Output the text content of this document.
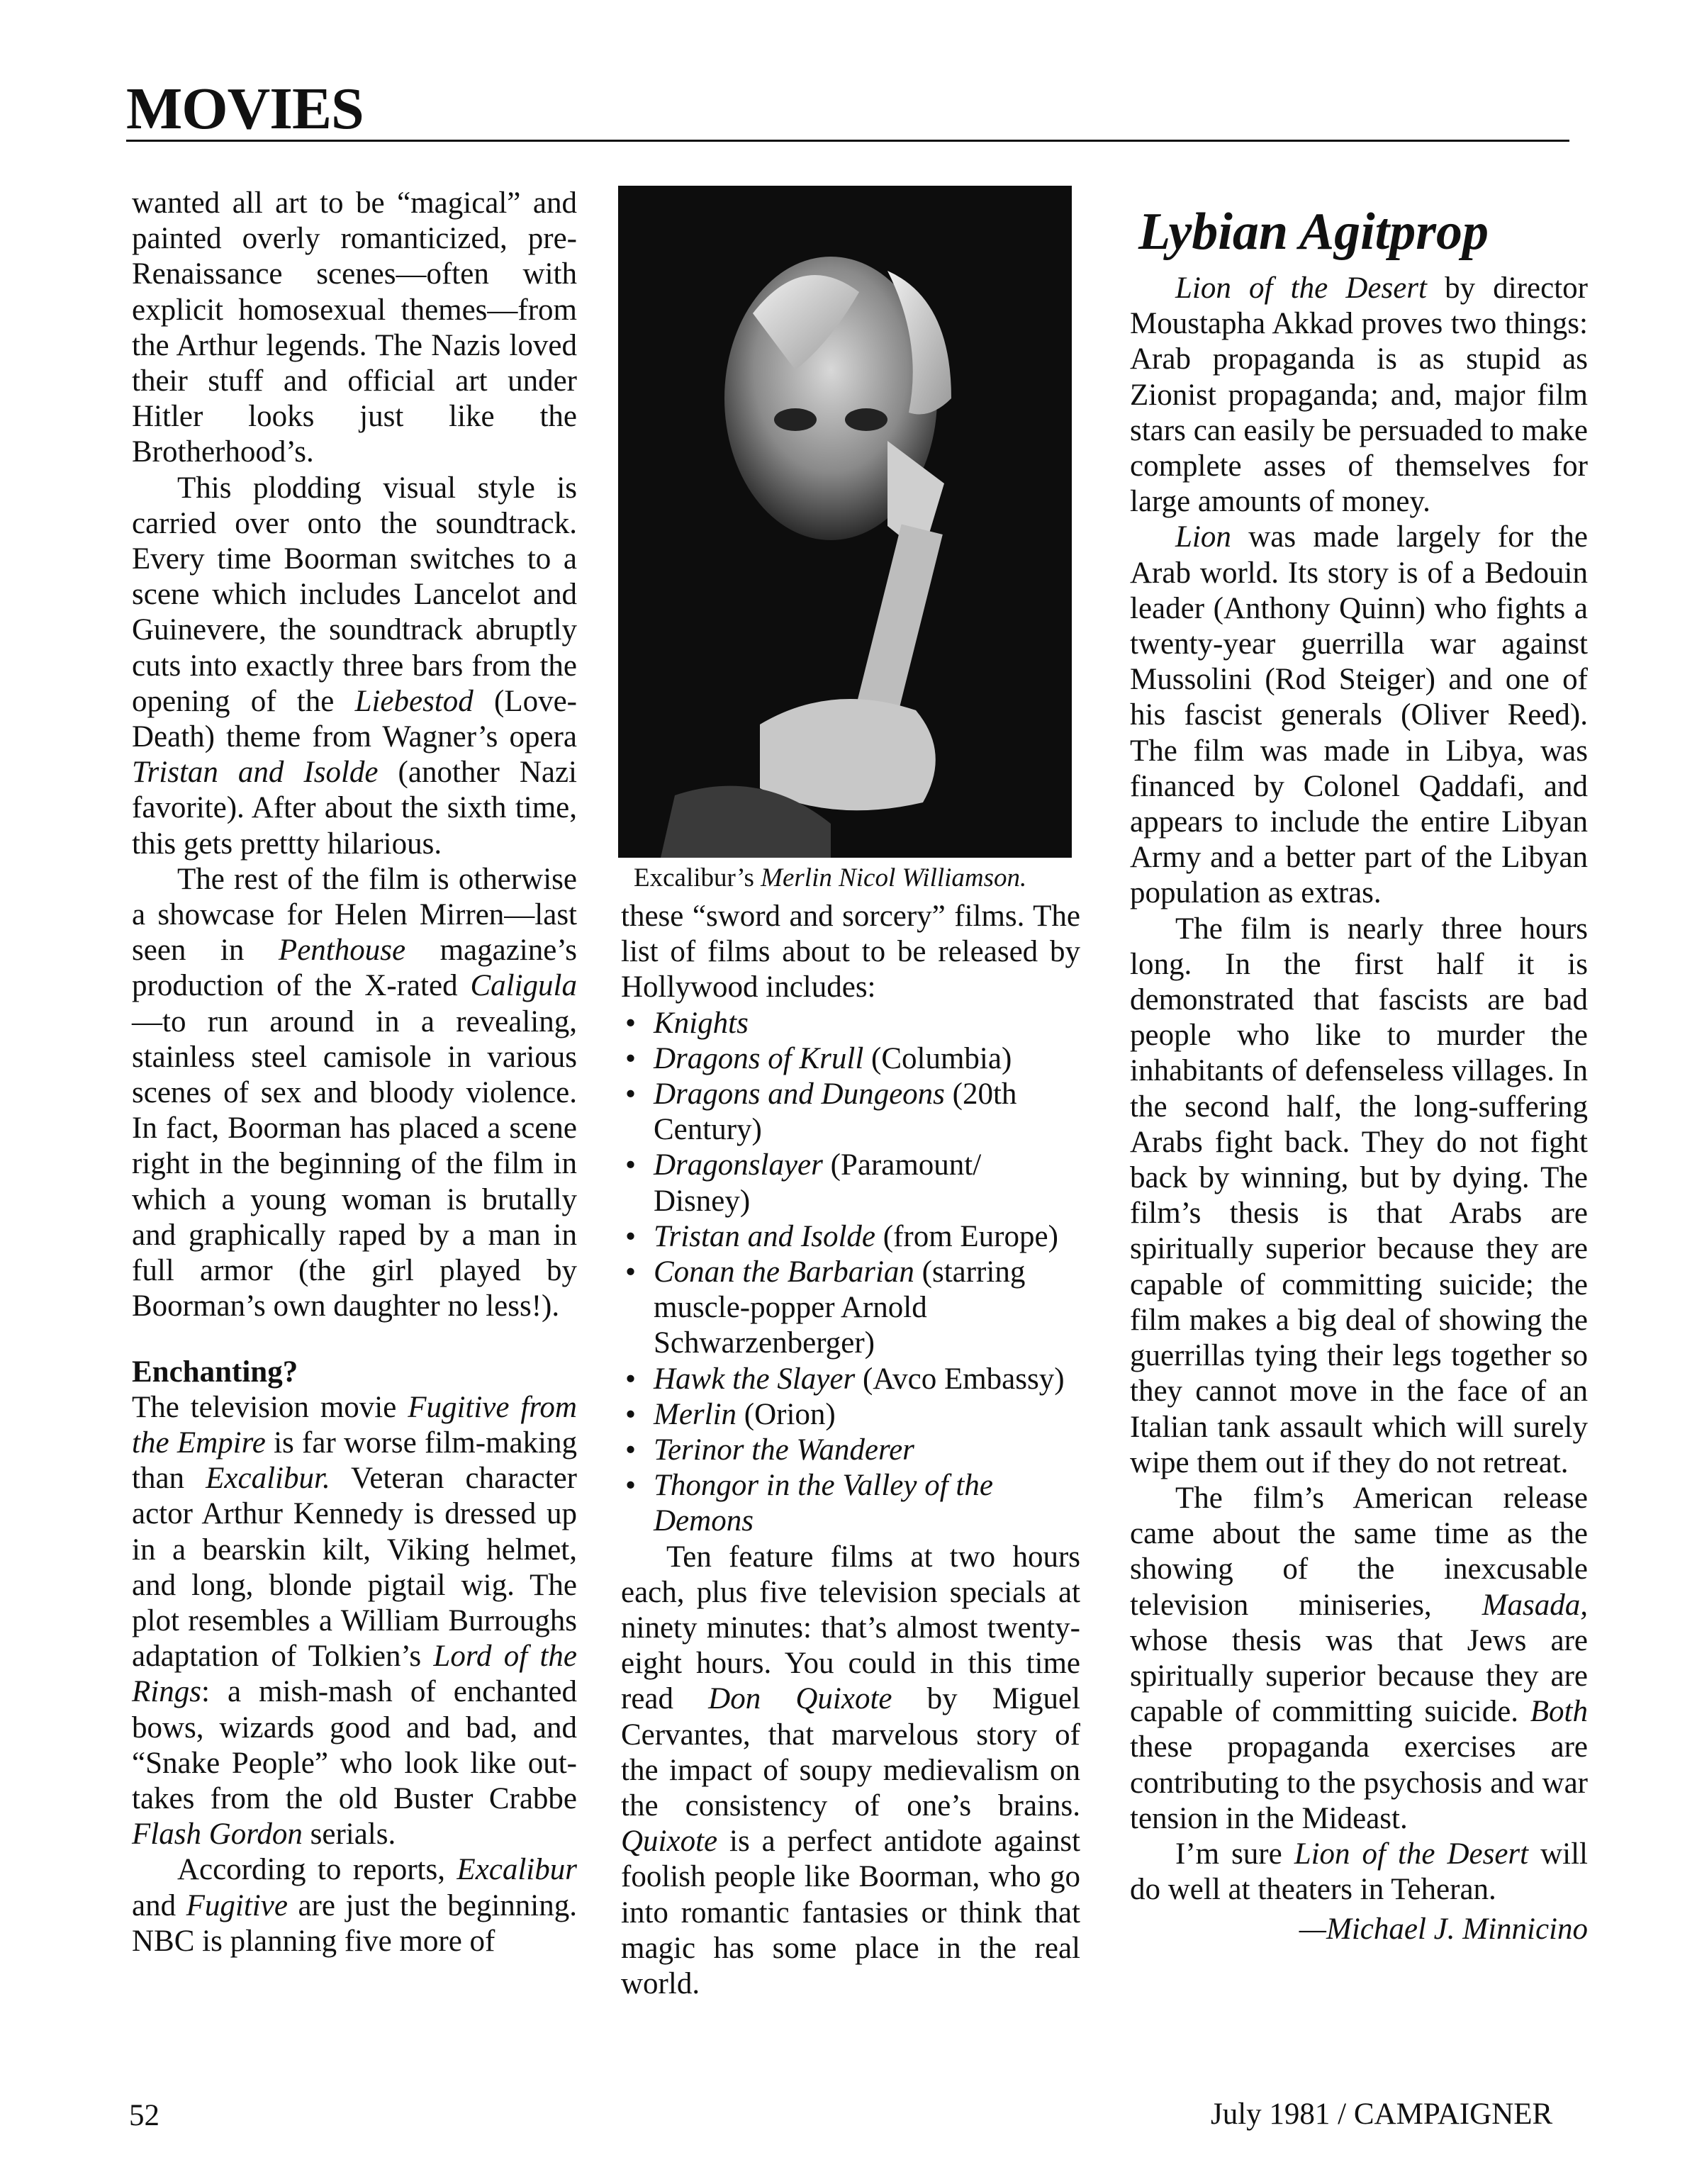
MOVIES

wanted all art to be “magical” and painted overly romanticized, pre-Renaissance scenes—often with explicit homosexual themes—from the Arthur legends. The Nazis loved their stuff and official art under Hitler looks just like the Brotherhood’s.

This plodding visual style is carried over onto the soundtrack. Every time Boorman switches to a scene which includes Lancelot and Guinevere, the soundtrack abruptly cuts into exactly three bars from the opening of the Liebestod (Love-Death) theme from Wagner’s opera Tristan and Isolde (another Nazi favorite). After about the sixth time, this gets prettty hilarious.

The rest of the film is otherwise a showcase for Helen Mirren—last seen in Penthouse magazine’s production of the X-rated Caligula—to run around in a revealing, stainless steel camisole in various scenes of sex and bloody violence. In fact, Boorman has placed a scene right in the beginning of the film in which a young woman is brutally and graphically raped by a man in full armor (the girl played by Boorman’s own daughter no less!).

Enchanting?

The television movie Fugitive from the Empire is far worse film-making than Excalibur. Veteran character actor Arthur Kennedy is dressed up in a bearskin kilt, Viking helmet, and long, blonde pigtail wig. The plot resembles a William Burroughs adaptation of Tolkien’s Lord of the Rings: a mish-mash of enchanted bows, wizards good and bad, and “Snake People” who look like out-takes from the old Buster Crabbe Flash Gordon serials.

According to reports, Excalibur and Fugitive are just the beginning. NBC is planning five more of

Excalibur’s Merlin Nicol Williamson.

these “sword and sorcery” films. The list of films about to be released by Hollywood includes:

• Knights
• Dragons of Krull (Columbia)
• Dragons and Dungeons (20th Century)
• Dragonslayer (Paramount/ Disney)
• Tristan and Isolde (from Europe)
• Conan the Barbarian (starring muscle-popper Arnold Schwarzenberger)
• Hawk the Slayer (Avco Embassy)
• Merlin (Orion)
• Terinor the Wanderer
• Thongor in the Valley of the Demons

Ten feature films at two hours each, plus five television specials at ninety minutes: that’s almost twenty-eight hours. You could in this time read Don Quixote by Miguel Cervantes, that marvelous story of the impact of soupy medievalism on the consistency of one’s brains. Quixote is a perfect antidote against foolish people like Boorman, who go into romantic fantasies or think that magic has some place in the real world.

Lybian Agitprop

Lion of the Desert by director Moustapha Akkad proves two things: Arab propaganda is as stupid as Zionist propaganda; and, major film stars can easily be persuaded to make complete asses of themselves for large amounts of money.

Lion was made largely for the Arab world. Its story is of a Bedouin leader (Anthony Quinn) who fights a twenty-year guerrilla war against Mussolini (Rod Steiger) and one of his fascist generals (Oliver Reed). The film was made in Libya, was financed by Colonel Qaddafi, and appears to include the entire Libyan Army and a better part of the Libyan population as extras.

The film is nearly three hours long. In the first half it is demonstrated that fascists are bad people who like to murder the inhabitants of defenseless villages. In the second half, the long-suffering Arabs fight back. They do not fight back by winning, but by dying. The film’s thesis is that Arabs are spiritually superior because they are capable of committing suicide; the film makes a big deal of showing the guerrillas tying their legs together so they cannot move in the face of an Italian tank assault which will surely wipe them out if they do not retreat.

The film’s American release came about the same time as the showing of the inexcusable television miniseries, Masada, whose thesis was that Jews are spiritually superior because they are capable of committing suicide. Both these propaganda exercises are contributing to the psychosis and war tension in the Mideast.

I’m sure Lion of the Desert will do well at theaters in Teheran.

—Michael J. Minnicino
52	July 1981 / CAMPAIGNER
